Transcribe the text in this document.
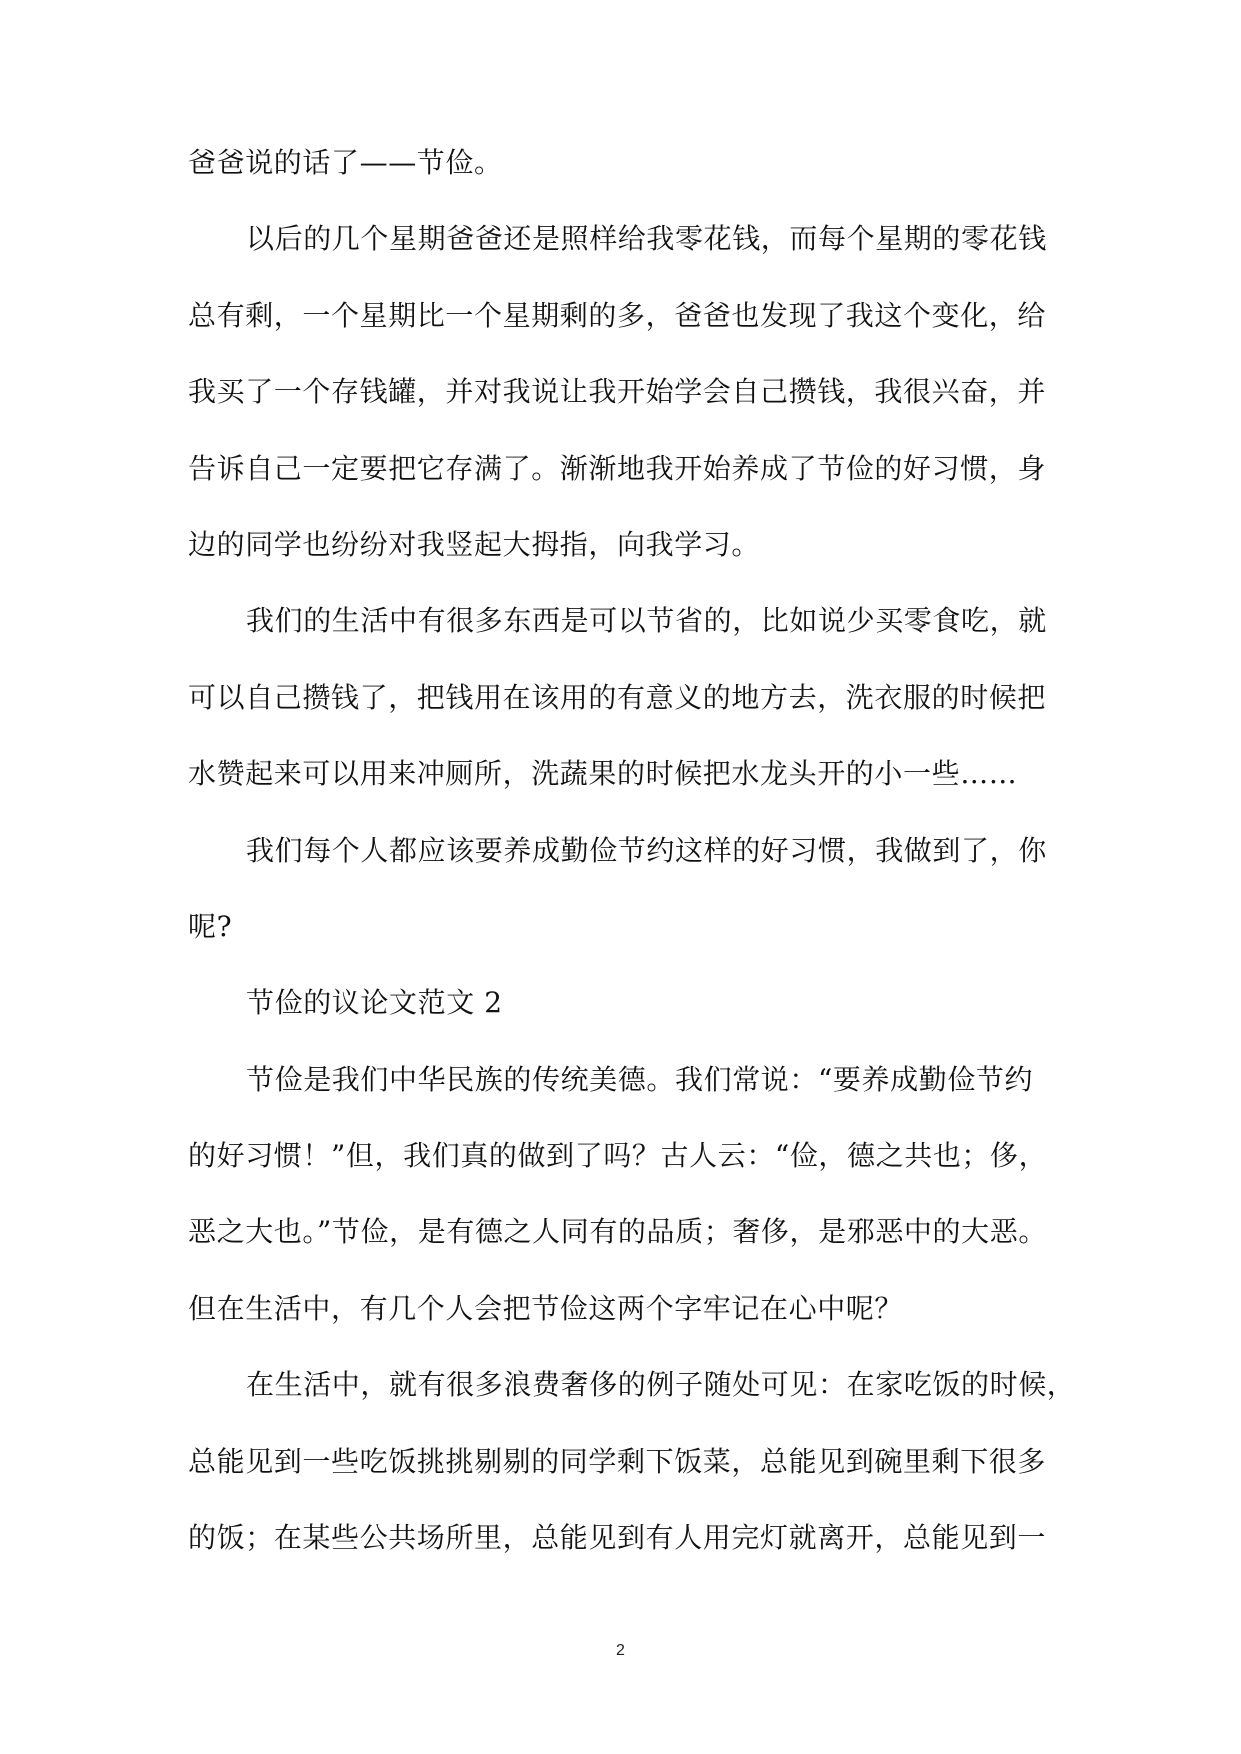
爸爸说的话了——节俭。
以后的几个星期爸爸还是照样给我零花钱，而每个星期的零花钱
总有剩，一个星期比一个星期剩的多，爸爸也发现了我这个变化，给
我买了一个存钱罐，并对我说让我开始学会自己攒钱，我很兴奋，并
告诉自己一定要把它存满了。渐渐地我开始养成了节俭的好习惯，身
边的同学也纷纷对我竖起大拇指，向我学习。
我们的生活中有很多东西是可以节省的，比如说少买零食吃，就
可以自己攒钱了，把钱用在该用的有意义的地方去，洗衣服的时候把
水赞起来可以用来冲厕所，洗蔬果的时候把水龙头开的小一些……
我们每个人都应该要养成勤俭节约这样的好习惯，我做到了，你
呢?
节俭的议论文范文 2
节俭是我们中华民族的传统美德。我们常说：“要养成勤俭节约
的好习惯！”但，我们真的做到了吗？古人云：“俭，德之共也；侈，
恶之大也。”节俭，是有德之人同有的品质；奢侈，是邪恶中的大恶。
但在生活中，有几个人会把节俭这两个字牢记在心中呢？
在生活中，就有很多浪费奢侈的例子随处可见：在家吃饭的时候，
总能见到一些吃饭挑挑剔剔的同学剩下饭菜，总能见到碗里剩下很多
的饭；在某些公共场所里，总能见到有人用完灯就离开，总能见到一
2
